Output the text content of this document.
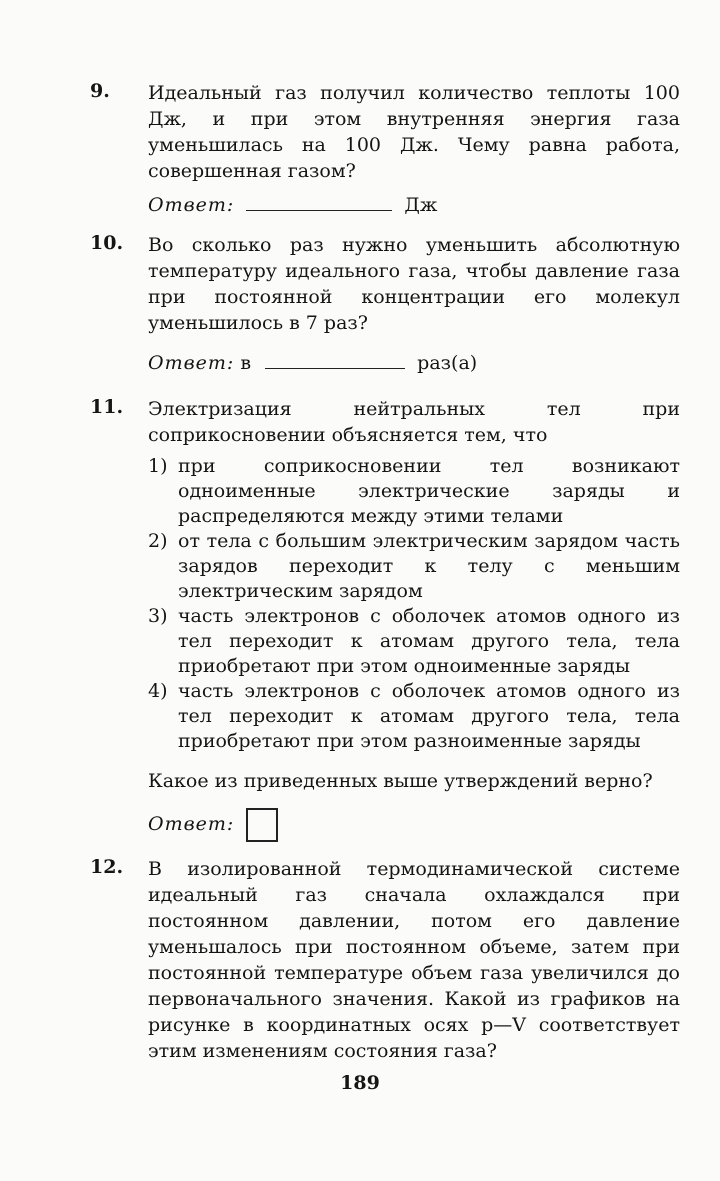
9. Идеальный газ получил количество теплоты 100 Дж, и при этом внутренняя энергия газа уменьшилась на 100 Дж. Чему равна работа, совершенная газом?

Ответ:	Дж
10. Во сколько раз нужно уменьшить абсолютную температуру идеального газа, чтобы давление газа при постоянной концентрации его молекул уменьшилось в 7 раз?

Ответ: в	раз(а)
11. Электризация нейтральных тел при соприкосновении объясняется тем, что

1) при соприкосновении тел возникают одноименные электрические заряды и распределяются между этими телами
2) от тела с большим электрическим зарядом часть зарядов переходит к телу с меньшим электрическим зарядом
3) часть электронов с оболочек атомов одного из тел переходит к атомам другого тела, тела приобретают при этом одноименные заряды
4) часть электронов с оболочек атомов одного из тел переходит к атомам другого тела, тела приобретают при этом разноименные заряды

Какое из приведенных выше утверждений верно?

Ответ:
12. В изолированной термодинамической системе идеальный газ сначала охлаждался при постоянном давлении, потом его давление уменьшалось при постоянном объеме, затем при постоянной температуре объем газа увеличился до первоначального значения. Какой из графиков на рисунке в координатных осях p—V соответствует этим изменениям состояния газа?

189
